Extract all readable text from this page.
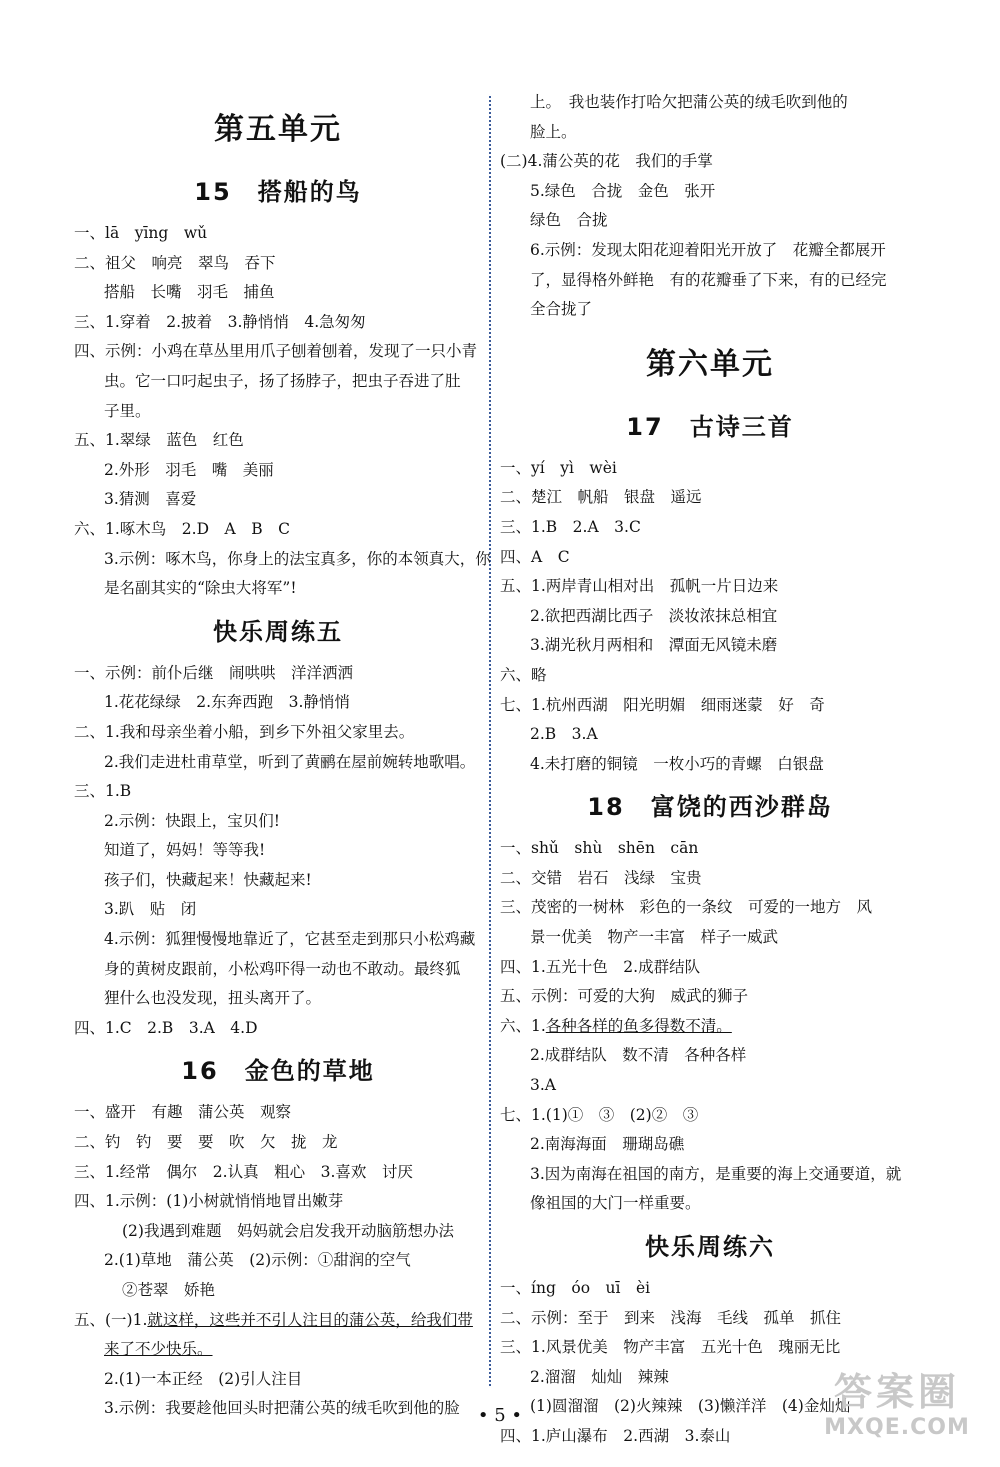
第五单元
15　搭船的鸟
一、lā　yīng　wǔ
二、祖父　响亮　翠鸟　吞下
搭船　长嘴　羽毛　捕鱼
三、1.穿着　2.披着　3.静悄悄　4.急匆匆
四、示例：小鸡在草丛里用爪子刨着刨着，发现了一只小青
虫。它一口叼起虫子，扬了扬脖子，把虫子吞进了肚
子里。
五、1.翠绿　蓝色　红色
2.外形　羽毛　嘴　美丽
3.猜测　喜爱
六、1.啄木鸟　2.D　A　B　C
3.示例：啄木鸟，你身上的法宝真多，你的本领真大，你
是名副其实的“除虫大将军”!
快乐周练五
一、示例：前仆后继　闹哄哄　洋洋洒洒
1.花花绿绿　2.东奔西跑　3.静悄悄
二、1.我和母亲坐着小船，到乡下外祖父家里去。
2.我们走进杜甫草堂，听到了黄鹂在屋前婉转地歌唱。
三、1.B
2.示例：快跟上，宝贝们!
知道了，妈妈！等等我!
孩子们，快藏起来！快藏起来!
3.趴　贴　闭
4.示例：狐狸慢慢地靠近了，它甚至走到那只小松鸡藏
身的黄树皮跟前，小松鸡吓得一动也不敢动。最终狐
狸什么也没发现，扭头离开了。
四、1.C　2.B　3.A　4.D
16　金色的草地
一、盛开　有趣　蒲公英　观察
二、钓　钓　要　要　吹　欠　拢　龙
三、1.经常　偶尔　2.认真　粗心　3.喜欢　讨厌
四、1.示例：(1)小树就悄悄地冒出嫩芽
(2)我遇到难题　妈妈就会启发我开动脑筋想办法
2.(1)草地　蒲公英　(2)示例：①甜润的空气
②苍翠　娇艳
五、(一)1.就这样，这些并不引人注目的蒲公英，给我们带
来了不少快乐。
2.(1)一本正经　(2)引人注目
3.示例：我要趁他回头时把蒲公英的绒毛吹到他的脸
上。　我也装作打哈欠把蒲公英的绒毛吹到他的
脸上。
(二)4.蒲公英的花　我们的手掌
5.绿色　合拢　金色　张开
绿色　合拢
6.示例：发现太阳花迎着阳光开放了　花瓣全都展开
了，显得格外鲜艳　有的花瓣垂了下来，有的已经完
全合拢了
第六单元
17　古诗三首
一、yí　yì　wèi
二、楚江　帆船　银盘　遥远
三、1.B　2.A　3.C
四、A　C
五、1.两岸青山相对出　孤帆一片日边来
2.欲把西湖比西子　淡妆浓抹总相宜
3.湖光秋月两相和　潭面无风镜未磨
六、略
七、1.杭州西湖　阳光明媚　细雨迷蒙　好　奇
2.B　3.A
4.未打磨的铜镜　一枚小巧的青螺　白银盘
18　富饶的西沙群岛
一、shǔ　shù　shēn　cān
二、交错　岩石　浅绿　宝贵
三、茂密的一树林　彩色的一条纹　可爱的一地方　风
景一优美　物产一丰富　样子一威武
四、1.五光十色　2.成群结队
五、示例：可爱的大狗　威武的狮子
六、1.各种各样的鱼多得数不清。
2.成群结队　数不清　各种各样
3.A
七、1.(1)①　③　(2)②　③
2.南海海面　珊瑚岛礁
3.因为南海在祖国的南方，是重要的海上交通要道，就
像祖国的大门一样重要。
快乐周练六
一、íng　óo　uī　èi
二、示例：至于　到来　浅海　毛线　孤单　抓住
三、1.风景优美　物产丰富　五光十色　瑰丽无比
2.溜溜　灿灿　辣辣
(1)圆溜溜　(2)火辣辣　(3)懒洋洋　(4)金灿灿
四、1.庐山瀑布　2.西湖　3.泰山
• 5 •
答案圈
MXQE.COM
